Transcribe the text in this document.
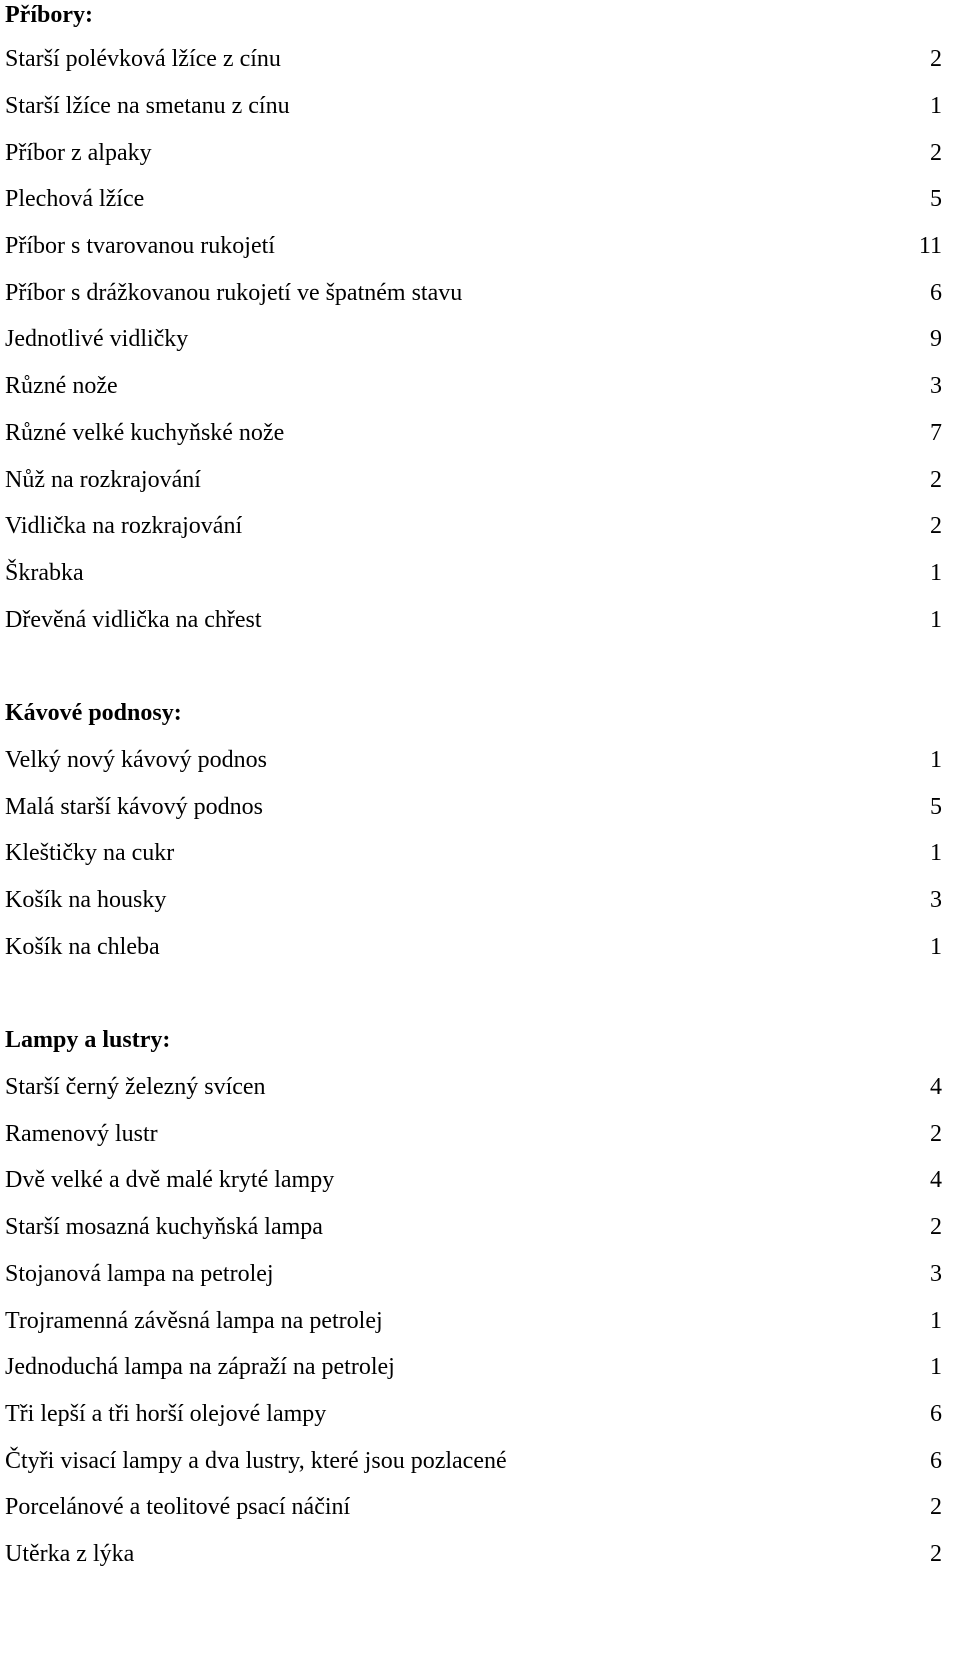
Příbory:
Starší polévková lžíce z cínu	2
Starší lžíce na smetanu z cínu	1
Příbor z alpaky	2
Plechová lžíce	5
Příbor s tvarovanou rukojetí	11
Příbor s drážkovanou rukojetí ve špatném stavu	6
Jednotlivé vidličky	9
Různé nože	3
Různé velké kuchyňské nože	7
Nůž na rozkrajování	2
Vidlička na rozkrajování	2
Škrabka	1
Dřevěná vidlička na chřest	1
Kávové podnosy:
Velký nový kávový podnos	1
Malá starší kávový podnos	5
Kleštičky na cukr	1
Košík na housky	3
Košík na chleba	1
Lampy a lustry:
Starší černý železný svícen	4
Ramenový lustr	2
Dvě velké a dvě malé kryté lampy	4
Starší mosazná kuchyňská lampa	2
Stojanová lampa na petrolej	3
Trojramenná závěsná lampa na petrolej	1
Jednoduchá lampa na zápraží na petrolej	1
Tři lepší a tři horší olejové lampy	6
Čtyři visací lampy a dva lustry, které jsou pozlacené	6
Porcelánové a teolitové psací náčiní	2
Utěrka z lýka	2
